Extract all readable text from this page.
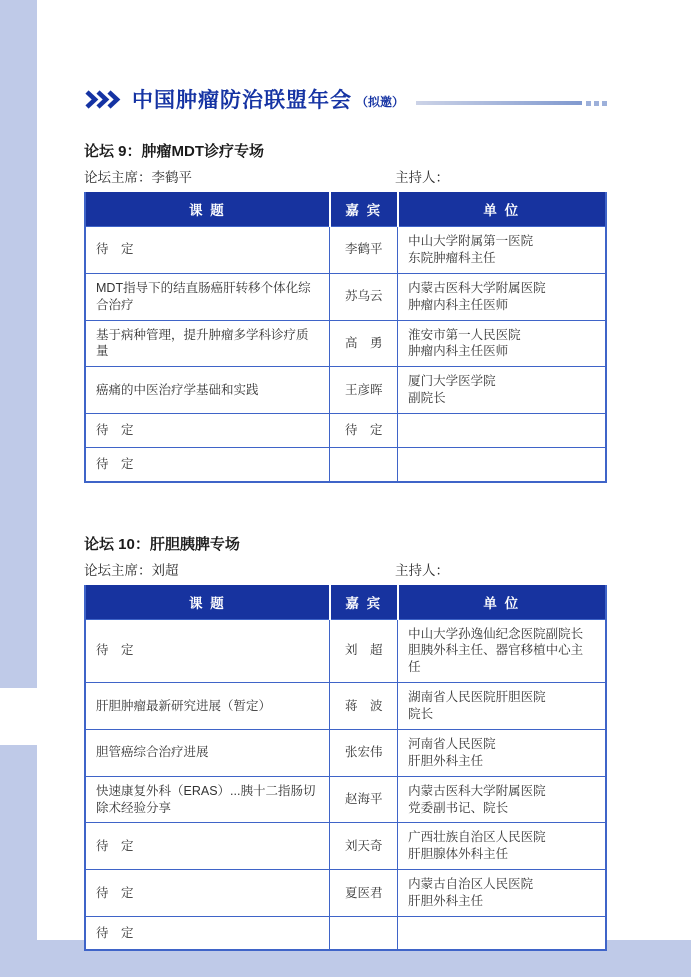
中国肿瘤防治联盟年会 （拟邀）
论坛 9：肿瘤MDT诊疗专场
论坛主席：李鹤平	主持人：
课 题	嘉 宾	单 位
待　定	李鹤平	中山大学附属第一医院
东院肿瘤科主任

MDT指导下的结直肠癌肝转移个体化综合治疗	苏乌云	内蒙古医科大学附属医院
肿瘤内科主任医师

基于病种管理，提升肿瘤多学科诊疗质量	高　勇	淮安市第一人民医院
肿瘤内科主任医师

癌痛的中医治疗学基础和实践	王彦晖	厦门大学医学院
副院长

待　定	待　定	
待　定		
论坛 10：肝胆胰脾专场
论坛主席：刘超	主持人：
课 题	嘉 宾	单 位
待　定	刘　超	中山大学孙逸仙纪念医院副院长
胆胰外科主任、器官移植中心主任

肝胆肿瘤最新研究进展（暂定）	蒋　波	湖南省人民医院肝胆医院
院长

胆管癌综合治疗进展	张宏伟	河南省人民医院
肝胆外科主任

快速康复外科（ERAS）...胰十二指肠切除术经验分享	赵海平	内蒙古医科大学附属医院
党委副书记、院长

待　定	刘天奇	广西壮族自治区人民医院
肝胆腺体外科主任

待　定	夏医君	内蒙古自治区人民医院
肝胆外科主任

待　定		
